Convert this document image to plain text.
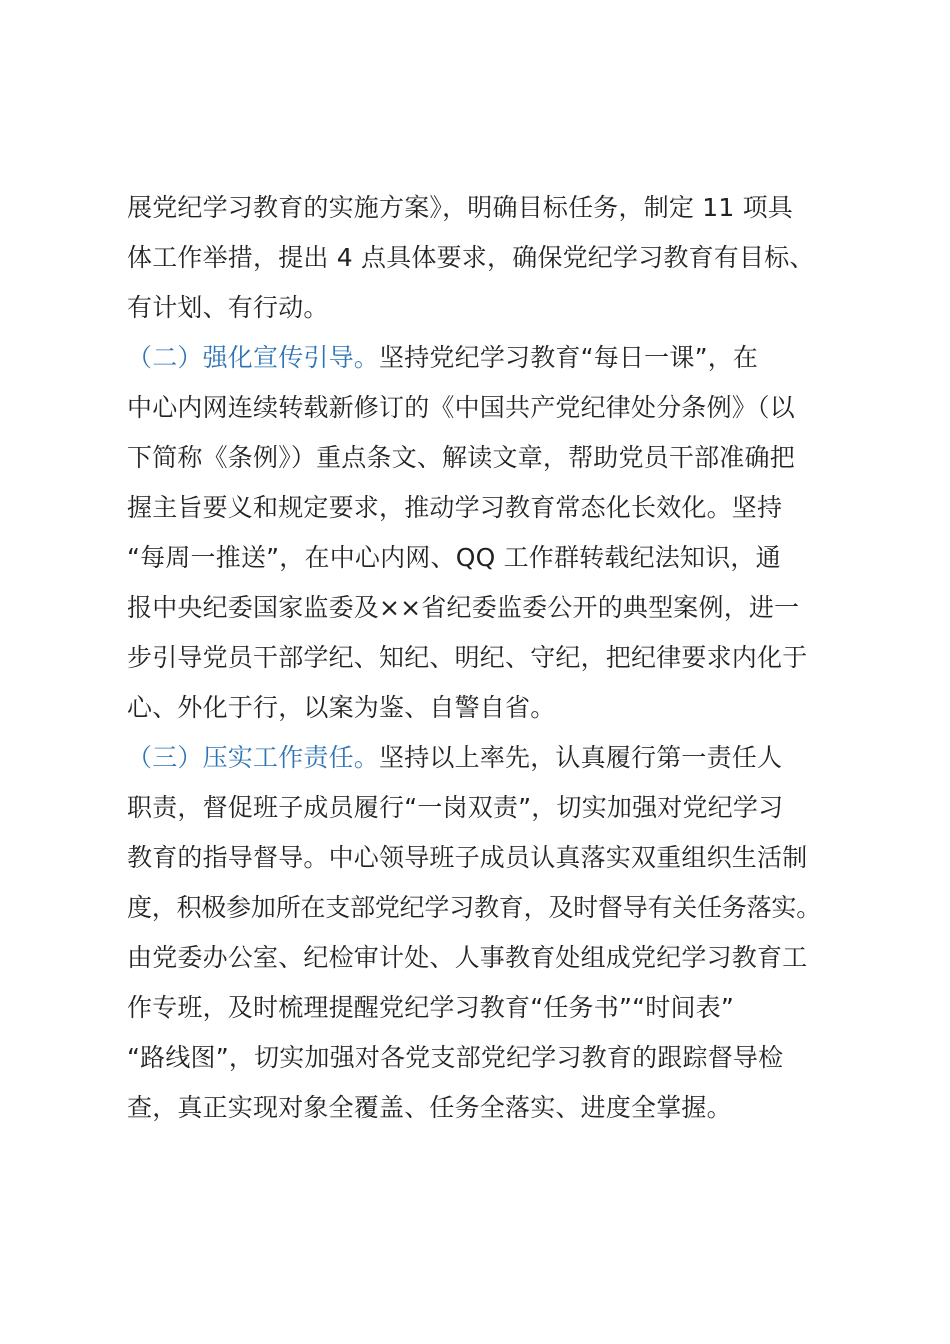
展党纪学习教育的实施方案》，明确目标任务，制定 11 项具
体工作举措，提出 4 点具体要求，确保党纪学习教育有目标、
有计划、有行动。
（二）强化宣传引导。坚持党纪学习教育“每日一课”，在
中心内网连续转载新修订的《中国共产党纪律处分条例》（以
下简称《条例》）重点条文、解读文章，帮助党员干部准确把
握主旨要义和规定要求，推动学习教育常态化长效化。坚持
“每周一推送”，在中心内网、QQ 工作群转载纪法知识，通
报中央纪委国家监委及××省纪委监委公开的典型案例，进一
步引导党员干部学纪、知纪、明纪、守纪，把纪律要求内化于
心、外化于行，以案为鉴、自警自省。
（三）压实工作责任。坚持以上率先，认真履行第一责任人
职责，督促班子成员履行“一岗双责”，切实加强对党纪学习
教育的指导督导。中心领导班子成员认真落实双重组织生活制
度，积极参加所在支部党纪学习教育，及时督导有关任务落实。
由党委办公室、纪检审计处、人事教育处组成党纪学习教育工
作专班，及时梳理提醒党纪学习教育“任务书”“时间表”
“路线图”，切实加强对各党支部党纪学习教育的跟踪督导检
查，真正实现对象全覆盖、任务全落实、进度全掌握。
